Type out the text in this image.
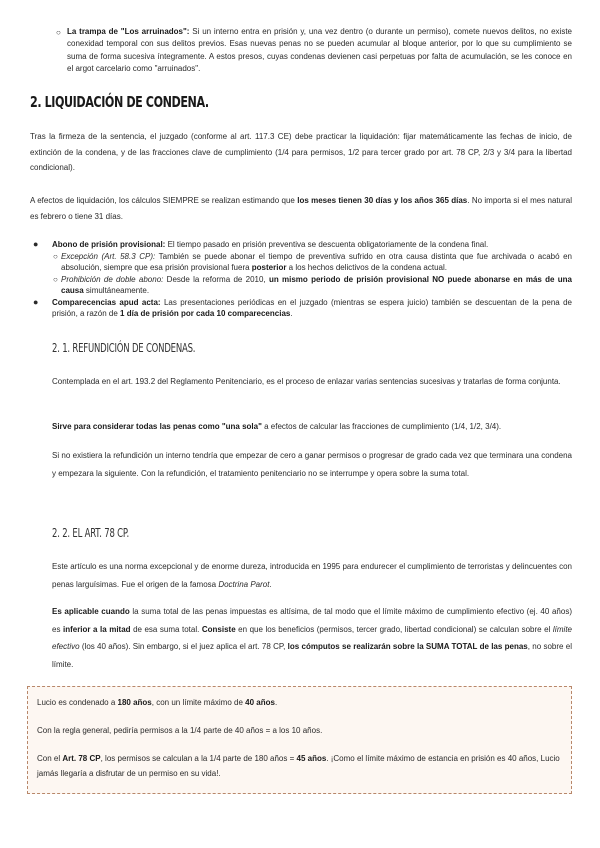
○ La trampa de "Los arruinados": Si un interno entra en prisión y, una vez dentro (o durante un permiso), comete nuevos delitos, no existe conexidad temporal con sus delitos previos. Esas nuevas penas no se pueden acumular al bloque anterior, por lo que su cumplimiento se suma de forma sucesiva íntegramente. A estos presos, cuyas condenas devienen casi perpetuas por falta de acumulación, se les conoce en el argot carcelario como "arruinados".

2. LIQUIDACIÓN DE CONDENA.

Tras la firmeza de la sentencia, el juzgado (conforme al art. 117.3 CE) debe practicar la liquidación: fijar matemáticamente las fechas de inicio, de extinción de la condena, y de las fracciones clave de cumplimiento (1/4 para permisos, 1/2 para tercer grado por art. 78 CP, 2/3 y 3/4 para la libertad condicional).

A efectos de liquidación, los cálculos SIEMPRE se realizan estimando que los meses tienen 30 días y los años 365 días. No importa si el mes natural es febrero o tiene 31 días.

● Abono de prisión provisional: El tiempo pasado en prisión preventiva se descuenta obligatoriamente de la condena final.
○ Excepción (Art. 58.3 CP): También se puede abonar el tiempo de preventiva sufrido en otra causa distinta que fue archivada o acabó en absolución, siempre que esa prisión provisional fuera posterior a los hechos delictivos de la condena actual.
○ Prohibición de doble abono: Desde la reforma de 2010, un mismo periodo de prisión provisional NO puede abonarse en más de una causa simultáneamente.
● Comparecencias apud acta: Las presentaciones periódicas en el juzgado (mientras se espera juicio) también se descuentan de la pena de prisión, a razón de 1 día de prisión por cada 10 comparecencias.
2. 1. REFUNDICIÓN DE CONDENAS.

Contemplada en el art. 193.2 del Reglamento Penitenciario, es el proceso de enlazar varias sentencias sucesivas y tratarlas de forma conjunta.

Sirve para considerar todas las penas como "una sola" a efectos de calcular las fracciones de cumplimiento (1/4, 1/2, 3/4).

Si no existiera la refundición un interno tendría que empezar de cero a ganar permisos o progresar de grado cada vez que terminara una condena y empezara la siguiente. Con la refundición, el tratamiento penitenciario no se interrumpe y opera sobre la suma total.

2. 2. EL ART. 78 CP.

Este artículo es una norma excepcional y de enorme dureza, introducida en 1995 para endurecer el cumplimiento de terroristas y delincuentes con penas larguísimas. Fue el origen de la famosa Doctrina Parot.

Es aplicable cuando la suma total de las penas impuestas es altísima, de tal modo que el límite máximo de cumplimiento efectivo (ej. 40 años) es inferior a la mitad de esa suma total. Consiste en que los beneficios (permisos, tercer grado, libertad condicional) se calculan sobre el límite efectivo (los 40 años). Sin embargo, si el juez aplica el art. 78 CP, los cómputos se realizarán sobre la SUMA TOTAL de las penas, no sobre el límite.

Lucio es condenado a 180 años, con un límite máximo de 40 años.

Con la regla general, pediría permisos a la 1/4 parte de 40 años = a los 10 años.

Con el Art. 78 CP, los permisos se calculan a la 1/4 parte de 180 años = 45 años. ¡Como el límite máximo de estancia en prisión es 40 años, Lucio jamás llegaría a disfrutar de un permiso en su vida!.
